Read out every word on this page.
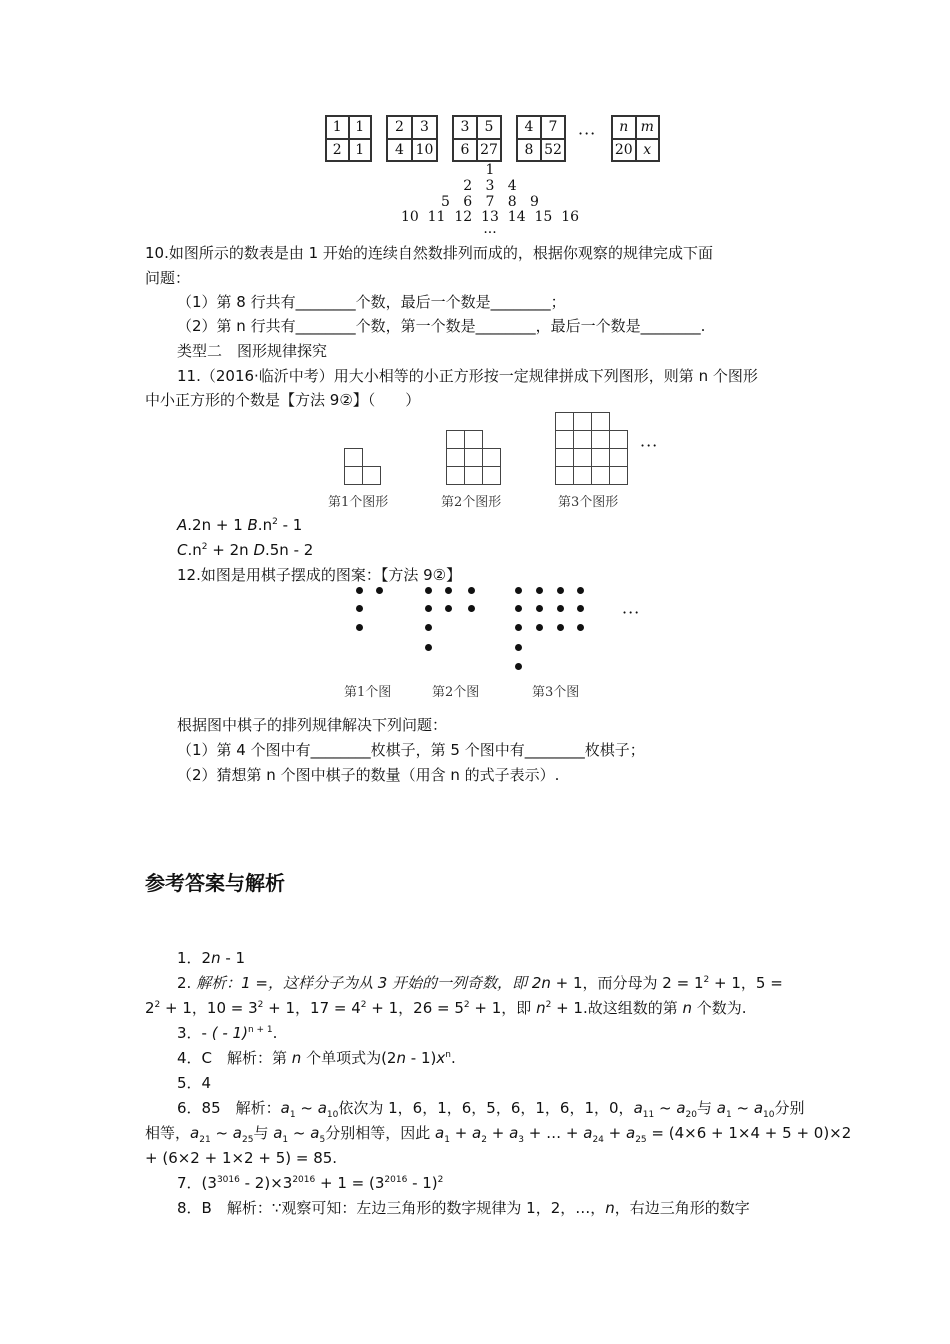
参考答案与解析
1 1
2 1
2	3
4 10
3	5
6 27
4	7
8 52
n m
20 x
···
1
2   3   4
5   6   7   8   9
10  11  12  13  14  15  16
···
第1个图形	第2个图形	第3个图形
···
第1个图	第2个图	第3个图
···
10.如图所示的数表是由 1 开始的连续自然数排列而成的，根据你观察的规律完成下面
问题：
（1）第 8 行共有________个数，最后一个数是________；
（2）第 n 行共有________个数，第一个数是________，最后一个数是________.
类型二　图形规律探究
11.（2016·临沂中考）用大小相等的小正方形按一定规律拼成下列图形，则第 n 个图形
中小正方形的个数是【方法 9②】（　　）
A.2n + 1 $B.n^2 - 1$
$C.n^2 + 2n$ D.5n - 2
12.如图是用棋子摆成的图案：【方法 9②】
根据图中棋子的排列规律解决下列问题：
（1）第 4 个图中有________枚棋子，第 5 个图中有________枚棋子；
（2）猜想第 n 个图中棋子的数量（用含 n 的式子表示）.
1．2n - 1
2. 解析：1 =，这样分子为从 3 开始的一列奇数，即 2n + 1，而分母为 $2 = 1^2 + 1$，5 =
$2^2 + 1$，$10 = 3^2 + 1$，$17 = 4^2 + 1$，$26 = 5^2 + 1$，即 $n^2 + 1$.故这组数的第 n 个数为.
3．- ( - 1)$^{n + 1}$.
4．C　解析：第 n 个单项式为$(2n - 1)x^n$.
5．4
6．85　解析：$a_1$ ~ $a_{10}$依次为 1，6，1，6，5，6，1，6，1，0，$a_{11}$ ~ $a_{20}$与 $a_1$ ~ $a_{10}$分别
相等，$a_{21}$ ~ $a_{25}$与 $a_1$ ~ $a_5$分别相等，因此 $a_1 + a_2 + a_3$ + … + $a_{24} + a_{25} = (4\times 6 + 1\times 4 + 5 + 0)\times 2$
+ (6×2 + 1×2 + 5) = 85.
7．$(3^{3016} - 2)\times 3^{2016} + 1 = (3^{2016} - 1)^2$
8．B　解析：∵观察可知：左边三角形的数字规律为 1，2，…，n，右边三角形的数字
